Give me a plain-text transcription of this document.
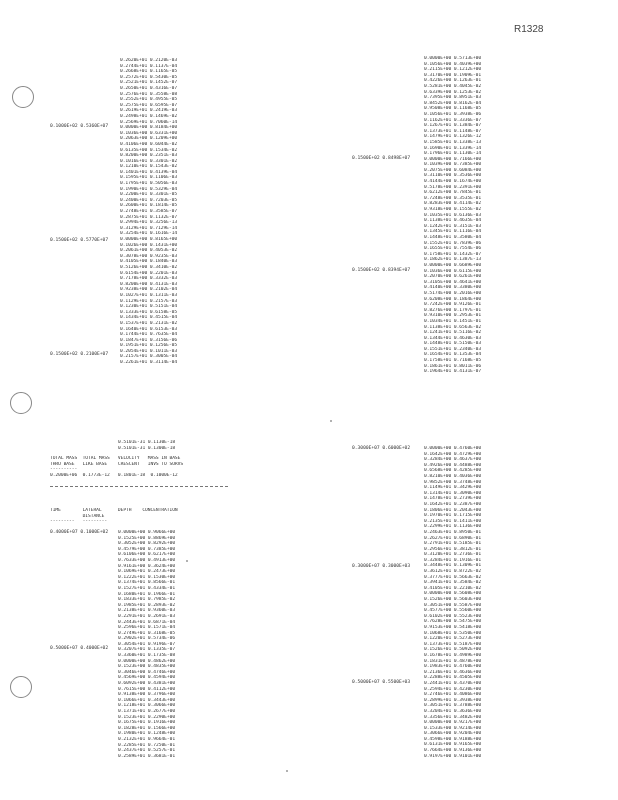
R1328
0.1000E+02 0.5360E+07
0.1500E+02 0.5770E+07
0.1500E+02 0.2100E+07
0.2620E+01 0.2120E-03
0.2744E+01 0.1137E-04
0.2668E+01 0.1165E-05
0.2572E+01 0.5430E-05
0.2521E+01 0.1452E-07
0.2650E+01 0.4316E-07
0.2576E+01 0.3558E-08
0.2552E+01 0.4955E-05
0.2575E+01 0.6595E-07
0.2619E+01 0.2419E-03
0.2498E+01 0.1469E-02
0.2569E+01 0.7060E-14
0.0000E+00 0.8184E+00
0.1036E+00 0.6331E+00
0.2063E+00 0.1209E+00
0.4106E+00 0.6044E-02
0.6135E+00 0.1534E-02
0.8200E+00 0.2351E-03
0.1016E+01 0.3301E-02
0.1210E+01 0.1543E-02
0.1401E+01 0.4139E-04
0.1595E+01 0.1106E-03
0.1795E+01 0.5056E-03
0.1990E+01 0.5329E-04
0.2200E+01 0.3301E-05
0.2400E+01 0.7203E-05
0.2600E+01 0.1814E-05
0.2748E+01 0.3585E-07
0.2875E+01 0.1132E-07
0.2994E+01 0.3256E-13
0.3129E+01 0.7129E-14
0.3254E+01 0.1616E-14
0.0000E+00 0.8165E+00
0.1026E+00 0.1431E+00
0.2061E+00 0.4053E-02
0.3078E+00 0.9235E-03
0.4105E+00 0.1840E-03
0.5126E+00 0.3410E-02
0.6154E+00 0.2201E-03
0.7178E+00 0.3332E-03
0.8200E+00 0.4131E-03
0.9238E+00 0.2102E-04
0.1027E+01 0.1311E-03
0.1129E+01 0.2157E-03
0.1230E+01 0.5151E-04
0.1333E+01 0.6158E-05
0.1434E+01 0.4515E-04
0.1537E+01 0.2131E-02
0.1640E+01 0.6153E-03
0.1744E+01 0.7635E-04
0.1847E+01 0.3156E-06
0.1951E+01 0.1256E-05
0.2054E+01 0.1011E-03
0.2157E+01 0.3005E-04
0.2261E+01 0.3114E-04
0.1500E+02 0.8498E+07
0.1500E+02 0.8394E+07
0.0000E+00 0.5713E+00
0.1056E+00 0.4039E+00
0.2115E+00 0.1212E+00
0.3170E+00 0.1909E-01
0.4226E+00 0.1263E-01
0.5281E+00 0.4045E-02
0.6339E+00 0.1253E-02
0.7395E+00 0.8951E-03
0.8452E+00 0.8162E-04
0.9508E+00 0.1168E-05
0.1056E+01 0.3938E-06
0.1162E+01 0.3336E-07
0.1267E+01 0.1384E-07
0.1373E+01 0.1148E-07
0.1479E+01 0.1326E-12
0.1585E+01 0.1338E-13
0.1690E+01 0.1339E-14
0.1796E+01 0.1130E-14
0.0000E+00 0.7166E+00
0.1039E+00 0.7385E+00
0.2075E+00 0.6084E+00
0.3110E+00 0.3536E+00
0.4144E+00 0.1674E+00
0.5178E+00 0.2391E+00
0.6212E+00 0.7845E-01
0.7248E+00 0.3535E-01
0.8283E+00 0.4114E-02
0.9318E+00 0.1555E-02
0.1035E+01 0.6136E-03
0.1138E+01 0.4635E-04
0.1242E+01 0.3151E-03
0.1345E+01 0.1116E-04
0.1448E+01 0.3580E-04
0.1552E+01 0.7839E-06
0.1655E+01 0.7554E-06
0.1758E+01 0.1432E-07
0.1862E+01 0.1387E-13
0.0000E+00 0.6689E+00
0.1036E+00 0.6115E+00
0.2070E+00 0.6261E+00
0.3105E+00 0.4641E+00
0.4140E+00 0.3380E+00
0.5174E+00 0.2016E+00
0.6208E+00 0.1864E+00
0.7242E+00 0.9126E-01
0.8276E+00 0.1797E-01
0.9310E+00 0.2953E-01
0.1034E+01 0.1451E-01
0.1138E+01 0.6563E-02
0.1241E+01 0.5116E-02
0.1344E+01 0.4630E-03
0.1448E+01 0.5150E-03
0.1551E+01 0.2340E-03
0.1654E+01 0.1353E-04
0.1758E+01 0.7168E-05
0.1861E+01 0.8011E-06
0.1964E+01 0.4131E-07
0.5101E-31 0.1130E-18
0.5101E-31 0.1300E-18
TOTAL MASS  TOTAL MASS   VELOCITY   MASS IN BASE
THRU BASE   LIKE BASE    CRESCENT   INVS TO SURVS
----------
0.2000E+06  0.1773E-12   0.1801E-18  0.1000E-12
TIME        LATERAL      DEPTH    CONCENTRATION
DISTANCE
---------   ---------
0.4000E+07 0.1000E+02
0.5000E+07 0.4000E+02
0.0000E+00 0.9066E+00
0.1525E+00 0.8869E+00
0.3052E+00 0.8292E+00
0.4579E+00 0.7385E+00
0.6106E+00 0.6217E+00
0.7633E+00 0.4913E+00
0.9161E+00 0.3624E+00
0.1069E+01 0.2473E+00
0.1222E+01 0.1530E+00
0.1374E+01 0.8566E-01
0.1527E+01 0.4334E-01
0.1680E+01 0.1966E-01
0.1833E+01 0.7985E-02
0.1985E+01 0.2893E-02
0.2138E+01 0.9360E-03
0.2291E+01 0.2691E-03
0.2443E+01 0.6871E-04
0.2596E+01 0.1571E-04
0.2749E+01 0.3168E-05
0.2902E+01 0.5734E-06
0.3054E+01 0.9196E-07
0.3207E+01 0.1335E-07
0.3360E+01 0.1735E-08
0.0000E+00 0.4862E+00
0.1523E+00 0.4835E+00
0.3046E+00 0.4746E+00
0.4569E+00 0.4594E+00
0.6092E+00 0.4381E+00
0.7615E+00 0.4112E+00
0.9138E+00 0.3796E+00
0.1066E+01 0.3443E+00
0.1218E+01 0.3066E+00
0.1371E+01 0.2677E+00
0.1523E+01 0.2290E+00
0.1675E+01 0.1916E+00
0.1828E+01 0.1566E+00
0.1980E+01 0.1248E+00
0.2132E+01 0.9664E-01
0.2285E+01 0.7250E-01
0.2437E+01 0.5257E-01
0.2589E+01 0.3681E-01
0.3000E+07 0.6000E+02
0.3000E+07 0.3000E+03
0.5000E+07 0.5500E+03
0.0000E+00 0.4760E+00
0.1642E+00 0.4729E+00
0.3284E+00 0.4637E+00
0.4926E+00 0.4488E+00
0.6568E+00 0.4285E+00
0.8210E+00 0.4036E+00
0.9852E+00 0.3748E+00
0.1149E+01 0.3429E+00
0.1314E+01 0.3090E+00
0.1478E+01 0.2739E+00
0.1642E+01 0.2387E+00
0.1806E+01 0.2043E+00
0.1970E+01 0.1715E+00
0.2135E+01 0.1411E+00
0.2299E+01 0.1136E+00
0.2463E+01 0.8950E-01
0.2627E+01 0.6890E-01
0.2791E+01 0.5185E-01
0.2956E+01 0.3812E-01
0.3120E+01 0.2736E-01
0.3284E+01 0.1916E-01
0.3448E+01 0.1309E-01
0.3612E+01 0.8722E-02
0.3777E+01 0.5663E-02
0.3941E+01 0.3584E-02
0.4105E+01 0.2210E-02
0.0000E+00 0.5608E+00
0.1526E+00 0.5603E+00
0.3051E+00 0.5587E+00
0.4577E+00 0.5560E+00
0.6102E+00 0.5523E+00
0.7628E+00 0.5475E+00
0.9153E+00 0.5418E+00
0.1068E+01 0.5350E+00
0.1220E+01 0.5273E+00
0.1373E+01 0.5187E+00
0.1526E+01 0.5092E+00
0.1678E+01 0.4989E+00
0.1831E+01 0.4878E+00
0.1983E+01 0.4760E+00
0.2136E+01 0.4636E+00
0.2288E+01 0.4505E+00
0.2441E+01 0.4370E+00
0.2594E+01 0.4230E+00
0.2746E+01 0.4086E+00
0.2899E+01 0.3938E+00
0.3051E+01 0.3788E+00
0.3204E+01 0.3636E+00
0.3356E+01 0.3482E+00
0.0000E+00 0.9217E+00
0.1533E+00 0.9214E+00
0.3066E+00 0.9204E+00
0.4598E+00 0.9188E+00
0.6131E+00 0.9165E+00
0.7664E+00 0.9136E+00
0.9197E+00 0.9101E+00
